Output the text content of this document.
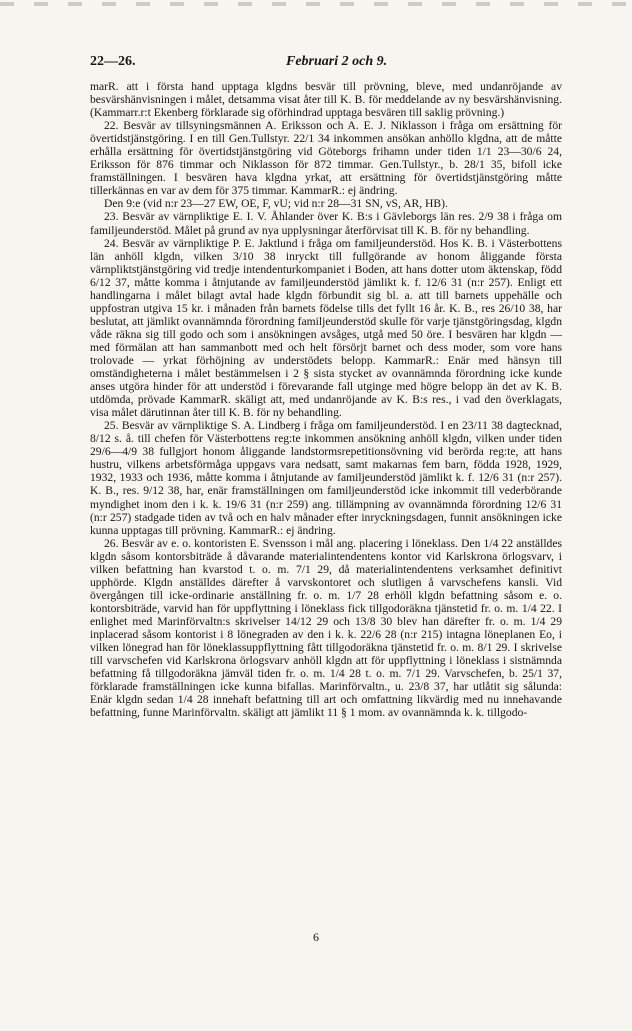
22—26.	Februari 2 och 9.

marR. att i första hand upptaga klgdns besvär till prövning, bleve, med undanröjande av besvärshänvisningen i målet, detsamma visat åter till K. B. för meddelande av ny besvärshänvisning. (Kammarr.r:t Ekenberg förklarade sig oförhindrad upptaga besvären till saklig prövning.)

22. Besvär av tillsyningsmännen A. Eriksson och A. E. J. Niklasson i fråga om ersättning för övertidstjänstgöring. I en till Gen.Tullstyr. 22/1 34 inkommen ansökan anhöllo klgdna, att de måtte erhålla ersättning för övertidstjänstgöring vid Göteborgs frihamn under tiden 1/1 23—30/6 24, Eriksson för 876 timmar och Niklasson för 872 timmar. Gen.Tullstyr., b. 28/1 35, bifoll icke framställningen. I besvären hava klgdna yrkat, att ersättning för övertidstjänstgöring måtte tillerkännas en var av dem för 375 timmar. KammarR.: ej ändring.

Den 9:e (vid n:r 23—27 EW, OE, F, vU; vid n:r 28—31 SN, vS, AR, HB).

23. Besvär av värnpliktige E. I. V. Åhlander över K. B:s i Gävleborgs län res. 2/9 38 i fråga om familjeunderstöd. Målet på grund av nya upplysningar återförvisat till K. B. för ny behandling.

24. Besvär av värnpliktige P. E. Jaktlund i fråga om familjeunderstöd. Hos K. B. i Västerbottens län anhöll klgdn, vilken 3/10 38 inryckt till fullgörande av honom åliggande första värnpliktstjänstgöring vid tredje intendenturkompaniet i Boden, att hans dotter utom äktenskap, född 6/12 37, måtte komma i åtnjutande av familjeunderstöd jämlikt k. f. 12/6 31 (n:r 257). Enligt ett handlingarna i målet bilagt avtal hade klgdn förbundit sig bl. a. att till barnets uppehälle och uppfostran utgiva 15 kr. i månaden från barnets födelse tills det fyllt 16 år. K. B., res 26/10 38, har beslutat, att jämlikt ovannämnda förordning familjeunderstöd skulle för varje tjänstgöringsdag, klgdn våde räkna sig till godo och som i ansökningen avsåges, utgå med 50 öre. I besvären har klgdn — med förmälan att han sammanbott med och helt försörjt barnet och dess moder, som vore hans trolovade — yrkat förhöjning av understödets belopp. KammarR.: Enär med hänsyn till omständigheterna i målet bestämmelsen i 2 § sista stycket av ovannämnda förordning icke kunde anses utgöra hinder för att understöd i förevarande fall utginge med högre belopp än det av K. B. utdömda, prövade KammarR. skäligt att, med undanröjande av K. B:s res., i vad den överklagats, visa målet därutinnan åter till K. B. för ny behandling.

25. Besvär av värnpliktige S. A. Lindberg i fråga om familjeunderstöd. I en 23/11 38 dagtecknad, 8/12 s. å. till chefen för Västerbottens reg:te inkommen ansökning anhöll klgdn, vilken under tiden 29/6—4/9 38 fullgjort honom åliggande landstormsrepetitionsövning vid berörda reg:te, att hans hustru, vilkens arbetsförmåga uppgavs vara nedsatt, samt makarnas fem barn, födda 1928, 1929, 1932, 1933 och 1936, måtte komma i åtnjutande av familjeunderstöd jämlikt k. f. 12/6 31 (n:r 257). K. B., res. 9/12 38, har, enär framställningen om familjeunderstöd icke inkommit till vederbörande myndighet inom den i k. k. 19/6 31 (n:r 259) ang. tillämpning av ovannämnda förordning 12/6 31 (n:r 257) stadgade tiden av två och en halv månader efter inryckningsdagen, funnit ansökningen icke kunna upptagas till prövning. KammarR.: ej ändring.

26. Besvär av e. o. kontoristen E. Svensson i mål ang. placering i löneklass. Den 1/4 22 anställdes klgdn såsom kontorsbiträde å dåvarande materialintendentens kontor vid Karlskrona örlogsvarv, i vilken befattning han kvarstod t. o. m. 7/1 29, då materialintendentens verksamhet definitivt upphörde. Klgdn anställdes därefter å varvskontoret och slutligen å varvschefens kansli. Vid övergången till icke-ordinarie anställning fr. o. m. 1/7 28 erhöll klgdn befattning såsom e. o. kontorsbiträde, varvid han för uppflyttning i löneklass fick tillgodoräkna tjänstetid fr. o. m. 1/4 22. I enlighet med Marinförvaltn:s skrivelser 14/12 29 och 13/8 30 blev han därefter fr. o. m. 1/4 29 inplacerad såsom kontorist i 8 lönegraden av den i k. k. 22/6 28 (n:r 215) intagna löneplanen Eo, i vilken lönegrad han för löneklassuppflyttning fått tillgodoräkna tjänstetid fr. o. m. 8/1 29. I skrivelse till varvschefen vid Karlskrona örlogsvarv anhöll klgdn att för uppflyttning i löneklass i sistnämnda befattning få tillgodoräkna jämväl tiden fr. o. m. 1/4 28 t. o. m. 7/1 29. Varvschefen, b. 25/1 37, förklarade framställningen icke kunna bifallas. Marinförvaltn., u. 23/8 37, har utlåtit sig sålunda: Enär klgdn sedan 1/4 28 innehaft befattning till art och omfattning likvärdig med nu innehavande befattning, funne Marinförvaltn. skäligt att jämlikt 11 § 1 mom. av ovannämnda k. k. tillgodo-

6
